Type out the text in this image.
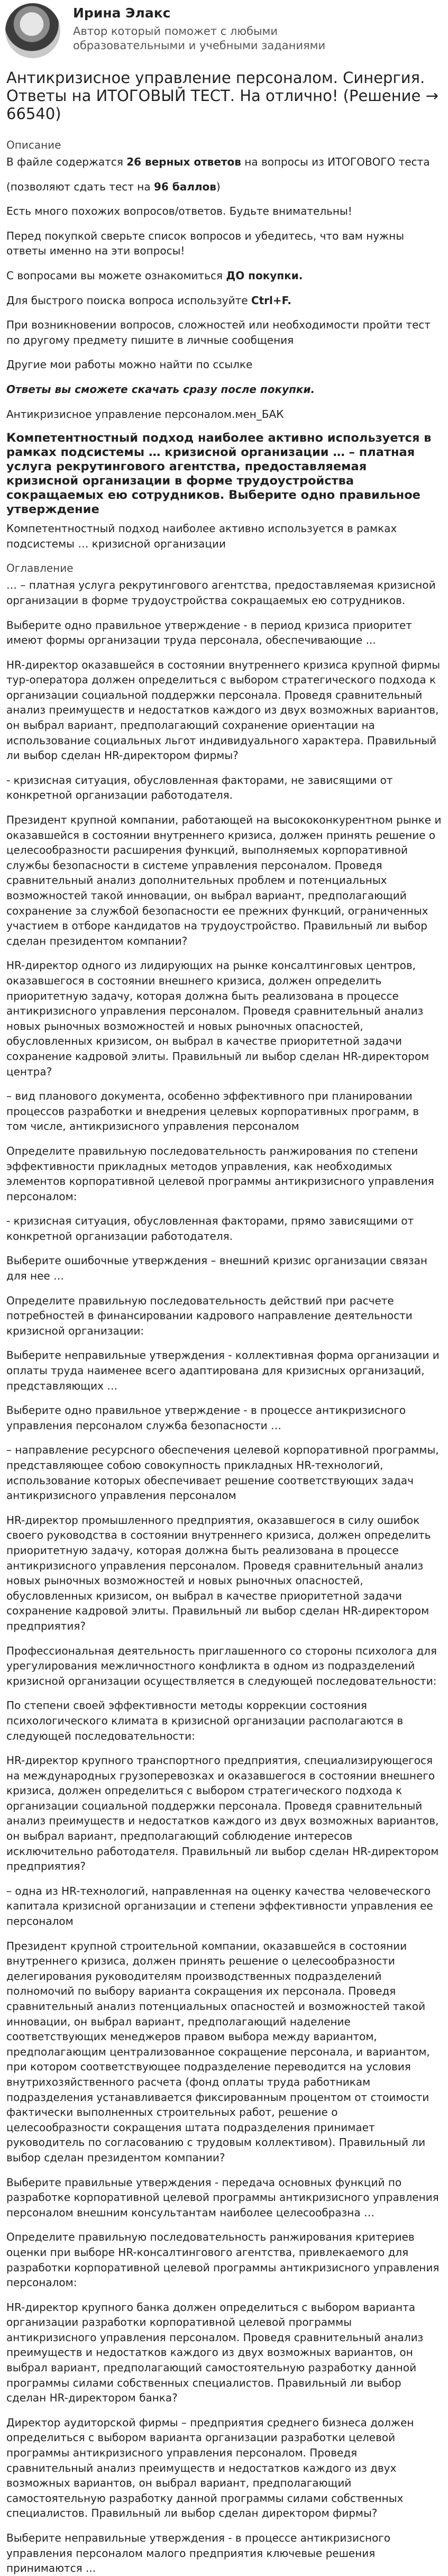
Ирина Элакс
Автор который поможет с любыми образовательными и учебными заданиями
Антикризисное управление персоналом. Синергия. Ответы на ИТОГОВЫЙ ТЕСТ. На отлично! (Решение → 66540)
Описание

В файле содержатся 26 верных ответов на вопросы из ИТОГОВОГО теста

(позволяют сдать тест на 96 баллов)

Есть много похожих вопросов/ответов. Будьте внимательны!

Перед покупкой сверьте список вопросов и убедитесь, что вам нужны ответы именно на эти вопросы!

С вопросами вы можете ознакомиться ДО покупки.

Для быстрого поиска вопроса используйте Ctrl+F.

При возникновении вопросов, сложностей или необходимости пройти тест по другому предмету пишите в личные сообщения

Другие мои работы можно найти по ссылке

Ответы вы сможете скачать сразу после покупки.

Антикризисное управление персоналом.мен_БАК

Компетентностный подход наиболее активно используется в рамках подсистемы … кризисной организации … – платная услуга рекрутингового агентства, предоставляемая кризисной организации в форме трудоустройства сокращаемых ею сотрудников. Выберите одно правильное утверждение

Компетентностный подход наиболее активно используется в рамках подсистемы … кризисной организации

Оглавление

… – платная услуга рекрутингового агентства, предоставляемая кризисной организации в форме трудоустройства сокращаемых ею сотрудников.

Выберите одно правильное утверждение - в период кризиса приоритет имеют формы организации труда персонала, обеспечивающие ...

HR-директор оказавшейся в состоянии внутреннего кризиса крупной фирмы тур-оператора должен определиться с выбором стратегического подхода к организации социальной поддержки персонала. Проведя сравнительный анализ преимуществ и недостатков каждого из двух возможных вариантов, он выбрал вариант, предполагающий сохранение ориентации на использование социальных льгот индивидуального характера. Правильный ли выбор сделан HR-директором фирмы?

- кризисная ситуация, обусловленная факторами, не зависящими от конкретной организации работодателя.

Президент крупной компании, работающей на высококонкурентном рынке и оказавшейся в состоянии внутреннего кризиса, должен принять решение о целесообразности расширения функций, выполняемых корпоративной службы безопасности в системе управления персоналом. Проведя сравнительный анализ дополнительных проблем и потенциальных возможностей такой инновации, он выбрал вариант, предполагающий сохранение за службой безопасности ее прежних функций, ограниченных участием в отборе кандидатов на трудоустройство. Правильный ли выбор сделан президентом компании?

HR-директор одного из лидирующих на рынке консалтинговых центров, оказавшегося в состоянии внешнего кризиса, должен определить приоритетную задачу, которая должна быть реализована в процессе антикризисного управления персоналом. Проведя сравнительный анализ новых рыночных возможностей и новых рыночных опасностей, обусловленных кризисом, он выбрал в качестве приоритетной задачи сохранение кадровой элиты. Правильный ли выбор сделан HR-директором центра?

– вид планового документа, особенно эффективного при планировании процессов разработки и внедрения целевых корпоративных программ, в том числе, антикризисного управления персоналом

Определите правильную последовательность ранжирования по степени эффективности прикладных методов управления, как необходимых элементов корпоративной целевой программы антикризисного управления персоналом:

- кризисная ситуация, обусловленная факторами, прямо зависящими от конкретной организации работодателя.

Выберите ошибочные утверждения – внешний кризис организации связан для нее …

Определите правильную последовательность действий при расчете потребностей в финансировании кадрового направление деятельности кризисной организации:

Выберите неправильные утверждения - коллективная форма организации и оплаты труда наименее всего адаптирована для кризисных организаций, представляющих …

Выберите одно правильное утверждение - в процессе антикризисного управления персоналом служба безопасности …

– направление ресурсного обеспечения целевой корпоративной программы, представляющее собою совокупность прикладных HR-технологий, использование которых обеспечивает решение соответствующих задач антикризисного управления персоналом

HR-директор промышленного предприятия, оказавшегося в силу ошибок своего руководства в состоянии внутреннего кризиса, должен определить приоритетную задачу, которая должна быть реализована в процессе антикризисного управления персоналом. Проведя сравнительный анализ новых рыночных возможностей и новых рыночных опасностей, обусловленных кризисом, он выбрал в качестве приоритетной задачи сохранение кадровой элиты. Правильный ли выбор сделан HR-директором предприятия?

Профессиональная деятельность приглашенного со стороны психолога для урегулирования межличностного конфликта в одном из подразделений кризисной организации осуществляется в следующей последовательности:

По степени своей эффективности методы коррекции состояния психологического климата в кризисной организации располагаются в следующей последовательности:

HR-директор крупного транспортного предприятия, специализирующегося на международных грузоперевозках и оказавшегося в состоянии внешнего кризиса, должен определиться с выбором стратегического подхода к организации социальной поддержки персонала. Проведя сравнительный анализ преимуществ и недостатков каждого из двух возможных вариантов, он выбрал вариант, предполагающий соблюдение интересов исключительно работодателя. Правильный ли выбор сделан HR-директором предприятия?

– одна из HR-технологий, направленная на оценку качества человеческого капитала кризисной организации и степени эффективности управления ее персоналом

Президент крупной строительной компании, оказавшейся в состоянии внутреннего кризиса, должен принять решение о целесообразности делегирования руководителям производственных подразделений полномочий по выбору варианта сокращения их персонала. Проведя сравнительный анализ потенциальных опасностей и возможностей такой инновации, он выбрал вариант, предполагающий наделение соответствующих менеджеров правом выбора между вариантом, предполагающим централизованное сокращение персонала, и вариантом, при котором соответствующее подразделение переводится на условия внутрихозяйственного расчета (фонд оплаты труда работникам подразделения устанавливается фиксированным процентом от стоимости фактически выполненных строительных работ, решение о целесообразности сокращения штата подразделения принимает руководитель по согласованию с трудовым коллективом). Правильный ли выбор сделан президентом компании?

Выберите правильные утверждения - передача основных функций по разработке корпоративной целевой программы антикризисного управления персоналом внешним консультантам наиболее целесообразна …

Определите правильную последовательность ранжирования критериев оценки при выборе HR-консалтингового агентства, привлекаемого для разработки корпоративной целевой программы антикризисного управления персоналом:

HR-директор крупного банка должен определиться с выбором варианта организации разработки корпоративной целевой программы антикризисного управления персоналом. Проведя сравнительный анализ преимуществ и недостатков каждого из двух возможных вариантов, он выбрал вариант, предполагающий самостоятельную разработку данной программы силами собственных специалистов. Правильный ли выбор сделан HR-директором банка?

Директор аудиторской фирмы – предприятия среднего бизнеса должен определиться с выбором варианта организации разработки целевой программы антикризисного управления персоналом. Проведя сравнительный анализ преимуществ и недостатков каждого из двух возможных вариантов, он выбрал вариант, предполагающий самостоятельную разработку данной программы силами собственных специалистов. Правильный ли выбор сделан директором фирмы?

Выберите неправильные утверждения - в процессе антикризисного управления персоналом малого предприятия ключевые решения принимаются ...
